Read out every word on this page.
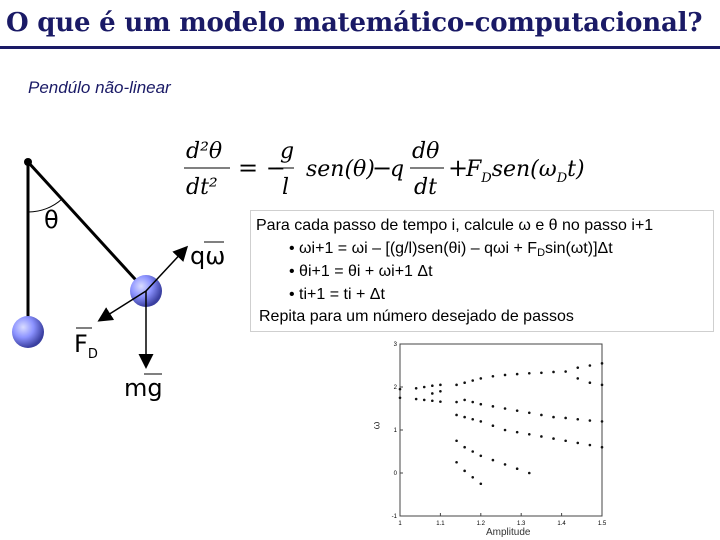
O que é um modelo matemático-computacional?
Pendúlo não-linear
θ
qω
mg
$F_D$
d²θ
dt²
= −
g
l
sen(θ)
−
q
dθ
dt
+
$F_Dsen(\omega_Dt)$
Para cada passo de tempo i, calcule ω e θ no passo i+1
• $\omega i+1 = \omega i - [(g/l)sen(\theta i) - q\omega i + F_D\sin(\omega t)]\Delta t$
• θi+1 = θi + ωi+1 Δt
• ti+1 = ti + Δt
Repita para um número desejado de passos
1	1.1	1.2	1.3	1.4	1.5
3
2
1
0
-1
ω
Amplitude
